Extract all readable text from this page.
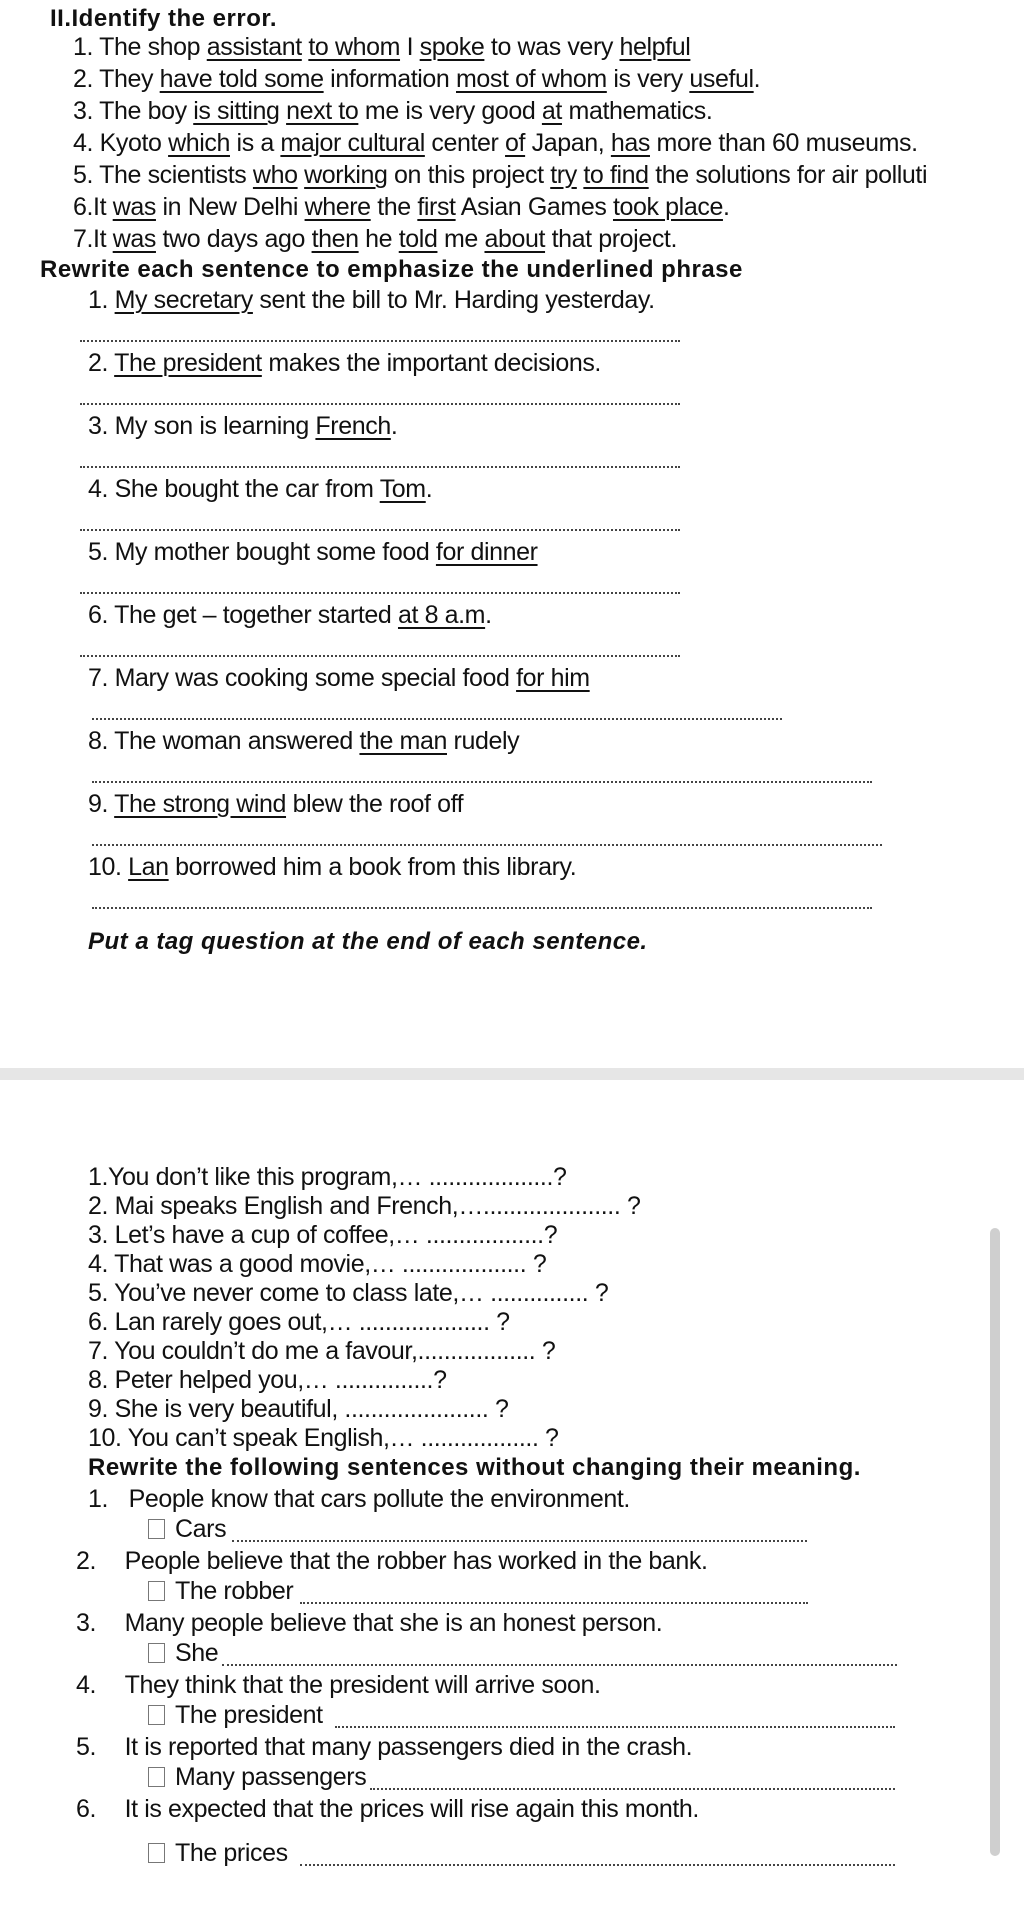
II.Identify the error.
1. The shop assistant to whom I spoke to was very helpful
2. They have told some information most of whom is very useful.
3. The boy is sitting next to me is very good at mathematics.
4. Kyoto which is a major cultural center of Japan, has more than 60 museums.
5. The scientists who working on this project try to find the solutions for air polluti
6.It was in New Delhi where the first Asian Games took place.
7.It was two days ago then he told me about that project.
Rewrite each sentence to emphasize the underlined phrase
1. My secretary sent the bill to Mr. Harding yesterday.
2. The president makes the important decisions.
3. My son is learning French.
4. She bought the car from Tom.
5. My mother bought some food for dinner
6. The get – together started at 8 a.m.
7. Mary was cooking some special food for him
8. The woman answered the man rudely
9. The strong wind blew the roof off
10. Lan borrowed him a book from this library.
Put a tag question at the end of each sentence.
1.You don’t like this program,… ...................?
2. Mai speaks English and French,…..................... ?
3. Let’s have a cup of coffee,… ..................?
4. That was a good movie,… ................... ?
5. You’ve never come to class late,… ............... ?
6. Lan rarely goes out,… .................... ?
7. You couldn’t do me a favour,.................. ?
8. Peter helped you,… ...............?
9. She is very beautiful, ...................... ?
10. You can’t speak English,… .................. ?
Rewrite the following sentences without changing their meaning.
1. People know that cars pollute the environment.
Cars
2. People believe that the robber has worked in the bank.
The robber
3. Many people believe that she is an honest person.
She
4. They think that the president will arrive soon.
The president
5. It is reported that many passengers died in the crash.
Many passengers
6. It is expected that the prices will rise again this month.
The prices
